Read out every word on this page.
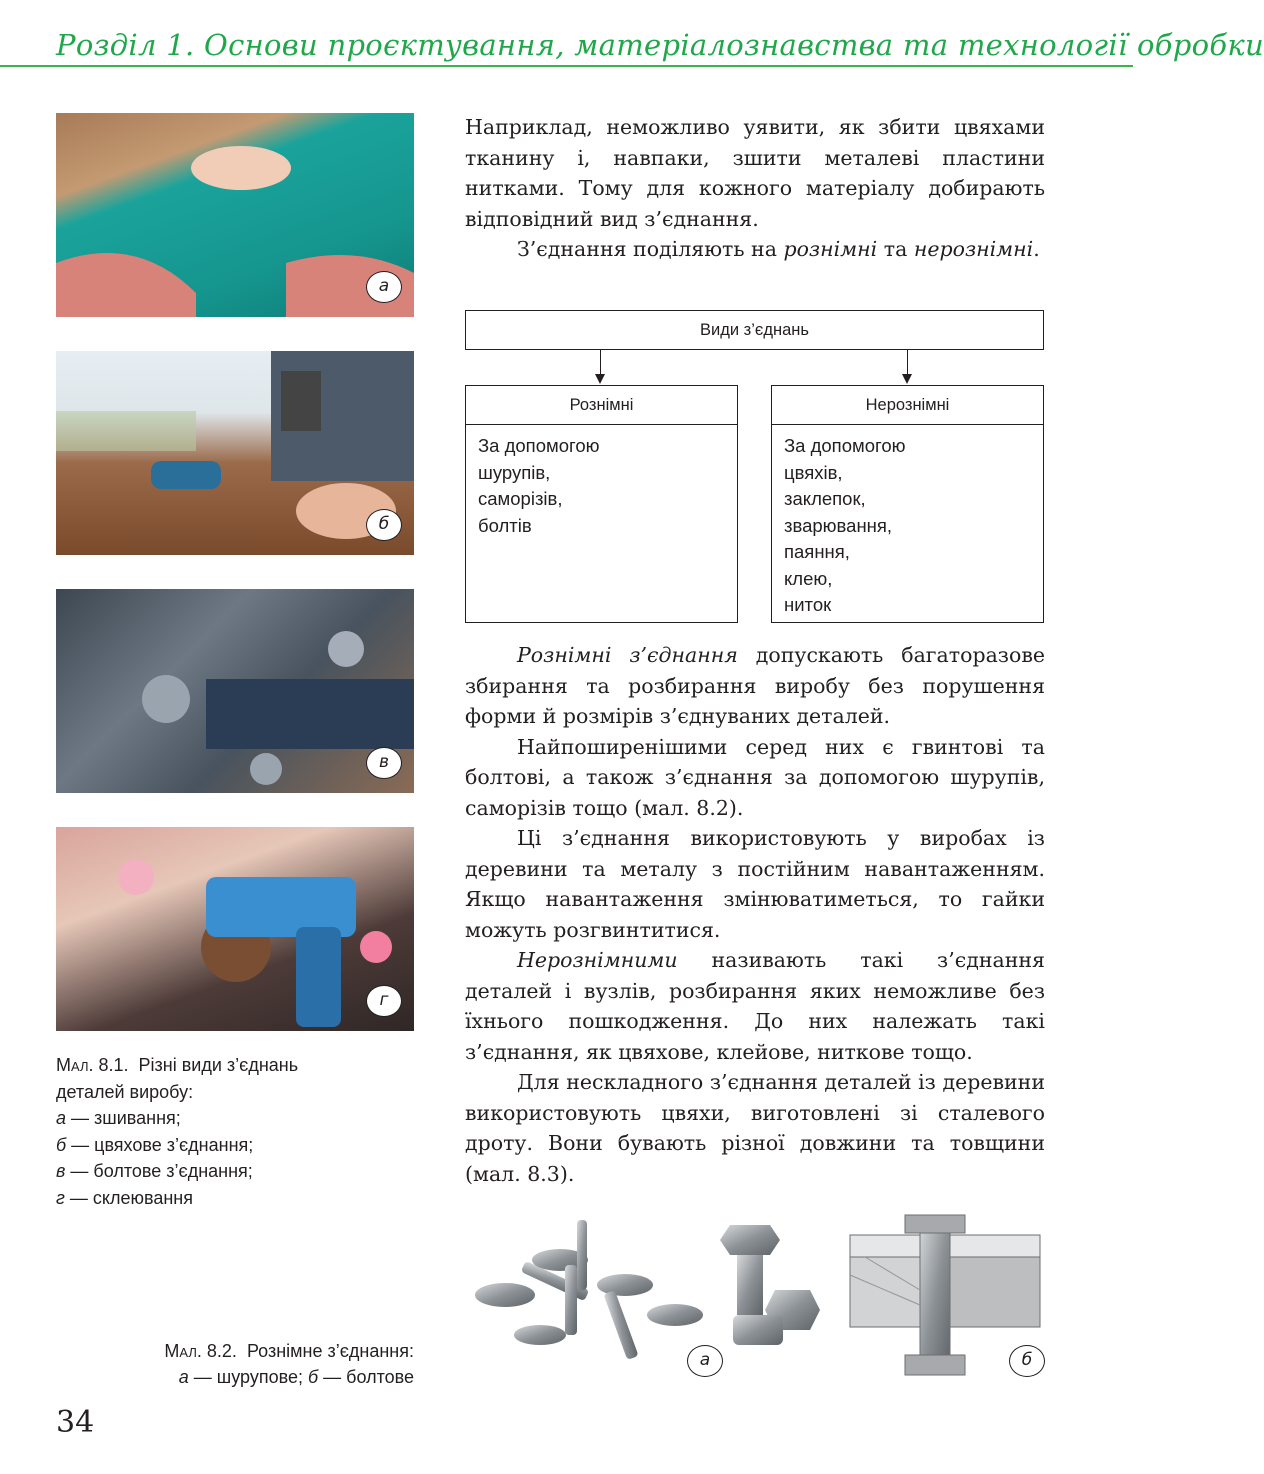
Розділ 1. Основи проєктування, матеріалознавства та технології обробки
а
б
в
г
Мал. 8.1. Різні види з’єднань
деталей виробу:
а — зшивання;
б — цвяхове з’єднання;
в — болтове з’єднання;
г — склеювання

Наприклад, неможливо уявити, як збити цвяхами тканину і, навпаки, зшити металеві пластини нитками. Тому для кожного матеріалу добирають відповідний вид з’єднання.

З’єднання поділяють на рознімні та нерознімні.

Види з’єднань
Рознімні
За допомогою
шурупів,
саморізів,
болтів
Нерознімні
За допомогою
цвяхів,
заклепок,
зварювання,
паяння,
клею,
ниток

Рознімні з’єднання допускають багаторазове збирання та розбирання виробу без порушення форми й розмірів з’єднуваних деталей.

Найпоширенішими серед них є гвинтові та болтові, а також з’єднання за допомогою шурупів, саморізів тощо (мал. 8.2).

Ці з’єднання використовують у виробах із деревини та металу з постійним навантаженням. Якщо навантаження змінюватиметься, то гайки можуть розгвинтитися.

Нерознімними називають такі з’єднання деталей і вузлів, розбирання яких неможливе без їхнього пошкодження. До них належать такі з’єднання, як цвяхове, клейове, ниткове тощо.

Для нескладного з’єднання деталей із деревини використовують цвяхи, виготовлені зі сталевого дроту. Вони бувають різної довжини та товщини (мал. 8.3).

а	б
Мал. 8.2. Рознімне з’єднання:
а — шурупове; б — болтове
34
